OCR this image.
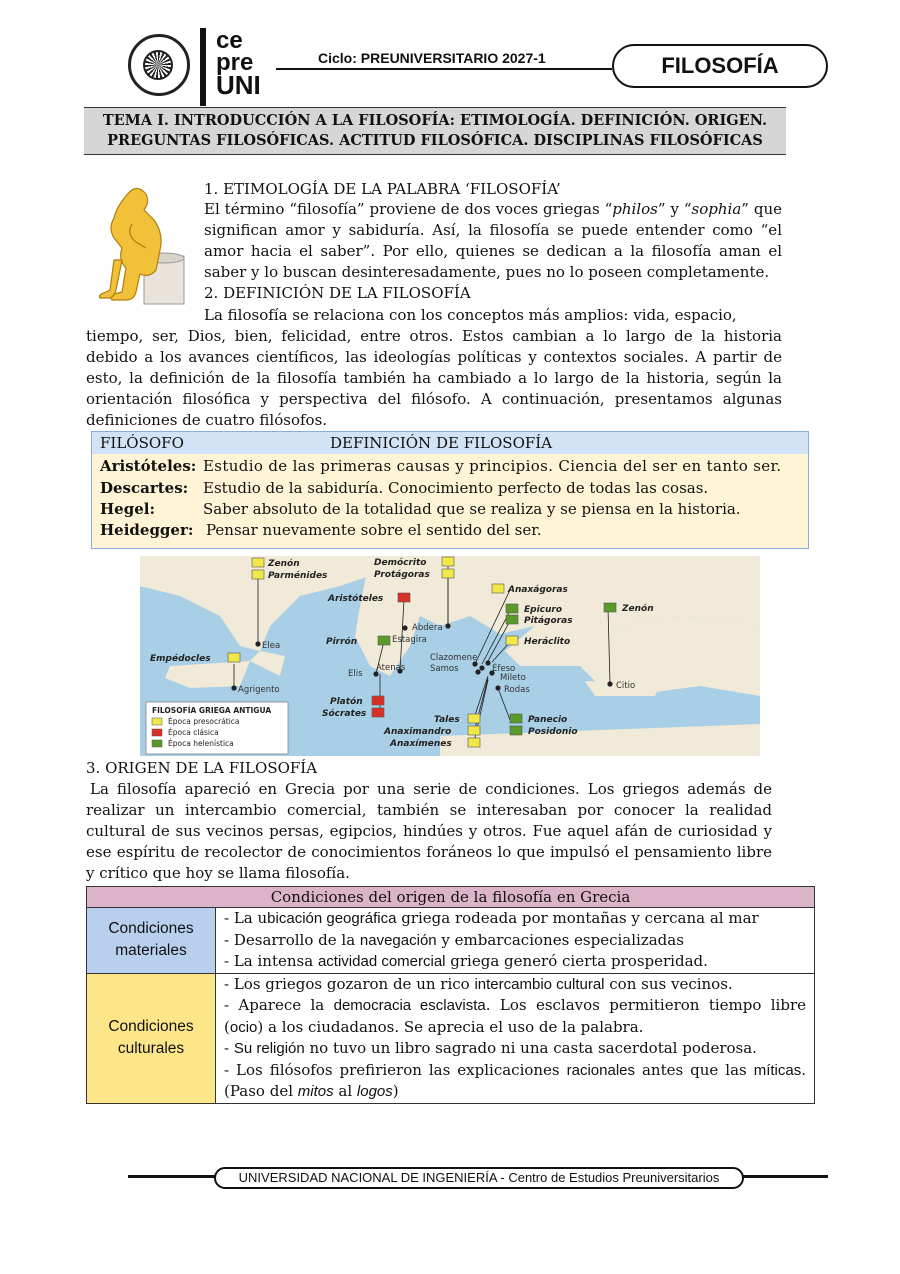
ce
pre
UNI
Ciclo: PREUNIVERSITARIO 2027-1	FILOSOFÍA
TEMA I. INTRODUCCIÓN A LA FILOSOFÍA: ETIMOLOGÍA. DEFINICIÓN. ORIGEN.
PREGUNTAS FILOSÓFICAS. ACTITUD FILOSÓFICA. DISCIPLINAS FILOSÓFICAS
1. ETIMOLOGÍA DE LA PALABRA ‘FILOSOFÍA’
El término “filosofía” proviene de dos voces griegas “philos” y “sophia” que significan amor y sabiduría. Así, la filosofía se puede entender como “el amor hacia el saber”. Por ello, quienes se dedican a la filosofía aman el saber y lo buscan desinteresadamente, pues no lo poseen completamente.
2. DEFINICIÓN DE LA FILOSOFÍA
La filosofía se relaciona con los conceptos más amplios: vida, espacio,
tiempo, ser, Dios, bien, felicidad, entre otros. Estos cambian a lo largo de la historia debido a los avances científicos, las ideologías políticas y contextos sociales. A partir de esto, la definición de la filosofía también ha cambiado a lo largo de la historia, según la orientación filosófica y perspectiva del filósofo. A continuación, presentamos algunas definiciones de cuatro filósofos.
FILÓSOFO	DEFINICIÓN DE FILOSOFÍA
Aristóteles: Estudio de las primeras causas y principios. Ciencia del ser en tanto ser.
Descartes: Estudio de la sabiduría. Conocimiento perfecto de todas las cosas.
Hegel:	Saber absoluto de la totalidad que se realiza y se piensa en la historia.
Heidegger: Pensar nuevamente sobre el sentido del ser.
Zenón
Parménides
Demócrito
Protágoras
Anaxágoras
Aristóteles
Epicuro
Pitágoras
Zenón
Heráclito
Pirrón
Empédocles
Platón
Sócrates
Tales
Anaximandro
Anaxímenes
Panecio
Posidonio
Elea
Agrigento
Estagira
Abdera
Clazomene
Atenas	Samos	Éfeso
Mileto
Elis
Rodas	Citio
FILOSOFÍA GRIEGA ANTIGUA
Época presocrática
Época clásica
Época helenística
3. ORIGEN DE LA FILOSOFÍA
La filosofía apareció en Grecia por una serie de condiciones. Los griegos además de realizar un intercambio comercial, también se interesaban por conocer la realidad cultural de sus vecinos persas, egipcios, hindúes y otros. Fue aquel afán de curiosidad y ese espíritu de recolector de conocimientos foráneos lo que impulsó el pensamiento libre y crítico que hoy se llama filosofía.
Condiciones del origen de la filosofía en Grecia	
Condiciones materiales	- La ubicación geográfica griega rodeada por montañas y cercana al mar
- Desarrollo de la navegación y embarcaciones especializadas
- La intensa actividad comercial griega generó cierta prosperidad.

Condiciones culturales	- Los griegos gozaron de un rico intercambio cultural con sus vecinos.
- Aparece la democracia esclavista. Los esclavos permitieron tiempo libre (ocio) a los ciudadanos. Se aprecia el uso de la palabra.
- Su religión no tuvo un libro sagrado ni una casta sacerdotal poderosa.
- Los filósofos prefirieron las explicaciones racionales antes que las míticas. (Paso del mitos al logos)
UNIVERSIDAD NACIONAL DE INGENIERÍA - Centro de Estudios Preuniversitarios
